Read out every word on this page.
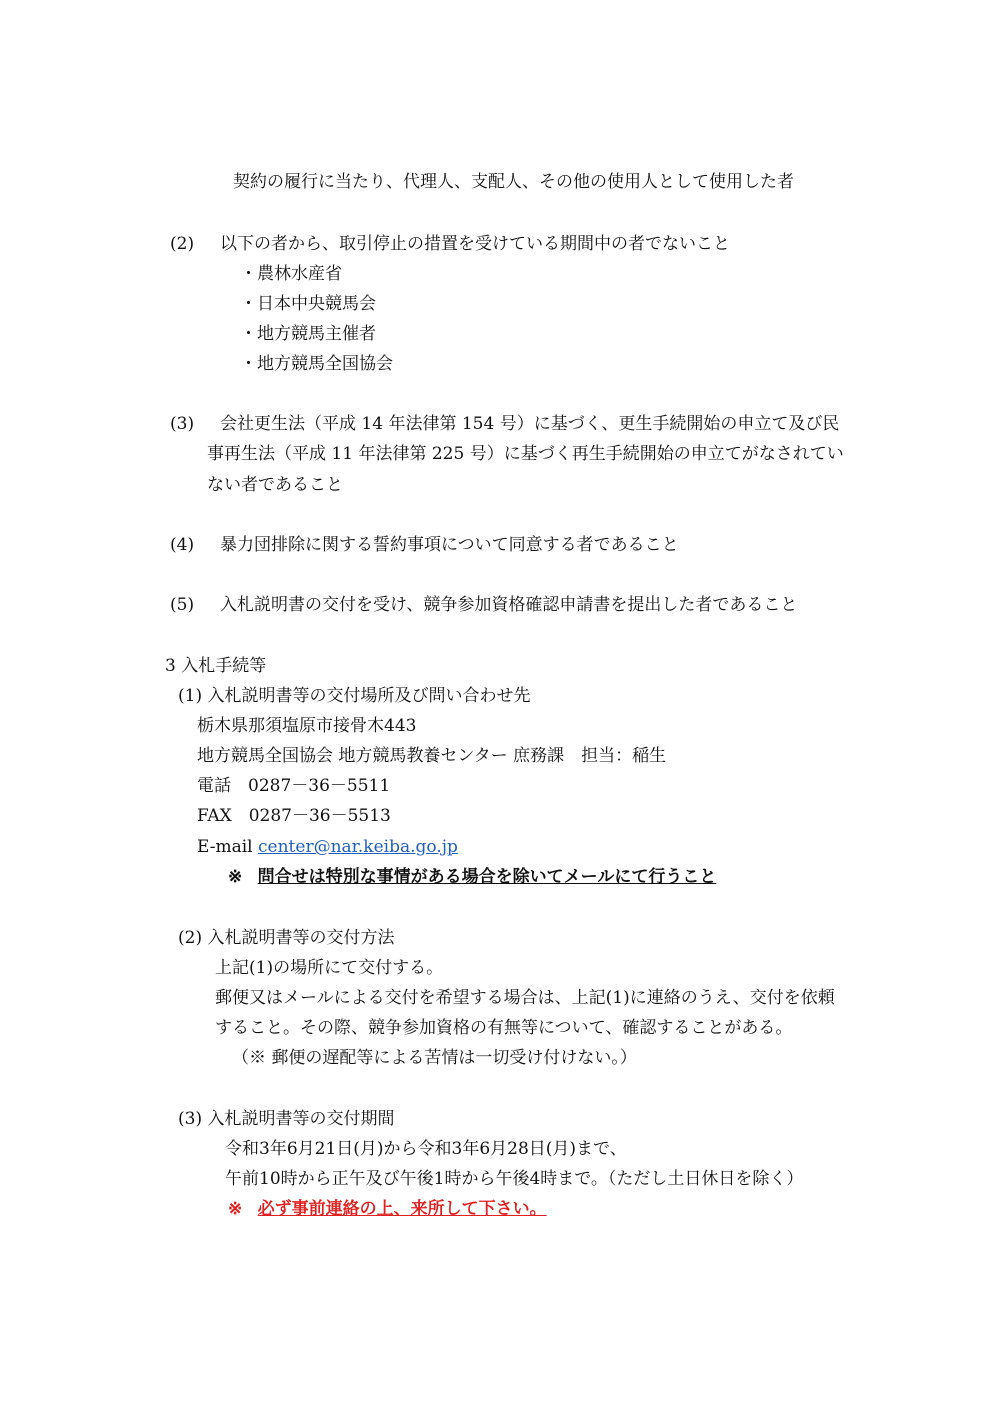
契約の履行に当たり、代理人、支配人、その他の使用人として使用した者
(2) 以下の者から、取引停止の措置を受けている期間中の者でないこと
・農林水産省
・日本中央競馬会
・地方競馬主催者
・地方競馬全国協会
(3) 会社更生法（平成 14 年法律第 154 号）に基づく、更生手続開始の申立て及び民
事再生法（平成 11 年法律第 225 号）に基づく再生手続開始の申立てがなされてい
ない者であること
(4) 暴力団排除に関する誓約事項について同意する者であること
(5) 入札説明書の交付を受け、競争参加資格確認申請書を提出した者であること
3 入札手続等
(1) 入札説明書等の交付場所及び問い合わせ先
栃木県那須塩原市接骨木443
地方競馬全国協会 地方競馬教養センター 庶務課　担当：稲生
電話　0287－36－5511
FAX　0287－36－5513
E-mail center@nar.keiba.go.jp
※ 問合せは特別な事情がある場合を除いてメールにて行うこと
(2) 入札説明書等の交付方法
上記(1)の場所にて交付する。
郵便又はメールによる交付を希望する場合は、上記(1)に連絡のうえ、交付を依頼
すること。その際、競争参加資格の有無等について、確認することがある。
（※ 郵便の遅配等による苦情は一切受け付けない。）
(3) 入札説明書等の交付期間
令和3年6月21日(月)から令和3年6月28日(月)まで、
午前10時から正午及び午後1時から午後4時まで。（ただし土日休日を除く）
※ 必ず事前連絡の上、来所して下さい。
